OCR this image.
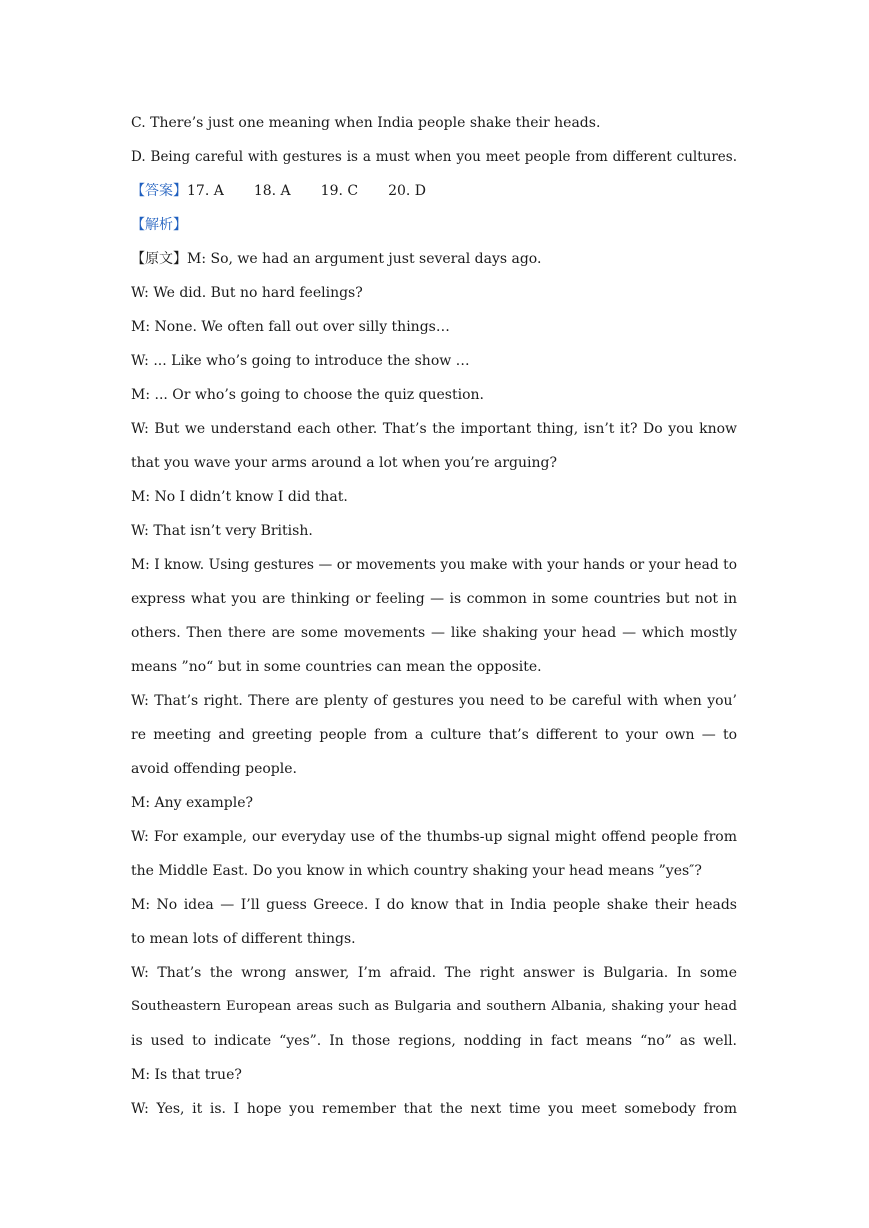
C. There’s just one meaning when India people shake their heads.
D. Being careful with gestures is a must when you meet people from different cultures.
【答案】17. A 18. A 19. C 20. D
【解析】
【原文】M: So, we had an argument just several days ago.
W: We did. But no hard feelings?
M: None. We often fall out over silly things…
W: ... Like who’s going to introduce the show …
M: ... Or who’s going to choose the quiz question.
W: But we understand each other. That’s the important thing, isn’t it? Do you know
that you wave your arms around a lot when you’re arguing?
M: No I didn’t know I did that.
W: That isn’t very British.
M: I know. Using gestures — or movements you make with your hands or your head to
express what you are thinking or feeling — is common in some countries but not in
others. Then there are some movements — like shaking your head — which mostly
means ”no“ but in some countries can mean the opposite.
W: That’s right. There are plenty of gestures you need to be careful with when you’
re meeting and greeting people from a culture that’s different to your own — to
avoid offending people.
M: Any example?
W: For example, our everyday use of the thumbs-up signal might offend people from
the Middle East. Do you know in which country shaking your head means ”yes″?
M: No idea — I’ll guess Greece. I do know that in India people shake their heads
to mean lots of different things.
W: That’s the wrong answer, I’m afraid. The right answer is Bulgaria. In some
Southeastern European areas such as Bulgaria and southern Albania, shaking your head
is used to indicate “yes”. In those regions, nodding in fact means “no” as well.
M: Is that true?
W: Yes, it is. I hope you remember that the next time you meet somebody from
